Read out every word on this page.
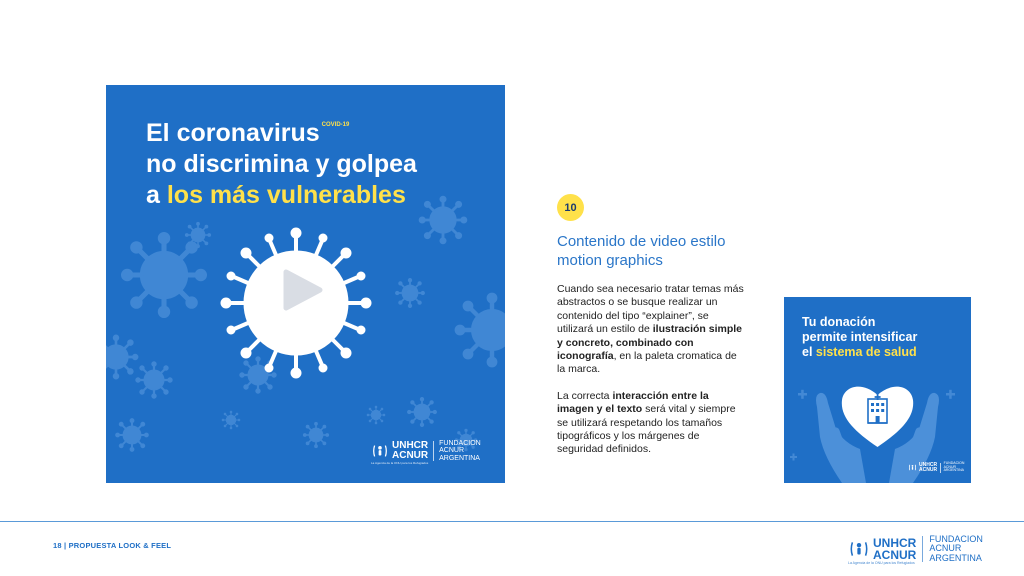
El coronavirus $^{COVID-19}$
no discrimina y golpea
a los más vulnerables
UNHCR
ACNUR
FUNDACION
ACNUR
ARGENTINA
La Agencia de la ONU para los Refugiados
10
Contenido de video estilo motion graphics

Cuando sea necesario tratar temas más abstractos o se busque realizar un contenido del tipo “explainer”, se utilizará un estilo de ilustración simple y concreto, combinado con iconografía, en la paleta cromatica de la marca.

La correcta interacción entre la imagen y el texto será vital y siempre se utilizará respetando los tamaños tipográficos y los márgenes de seguridad definidos.

Tu donación
permite intensificar
el sistema de salud
UNHCR
ACNUR
FUNDACION
ACNUR
ARGENTINA
18 | PROPUESTA LOOK & FEEL	UNHCR
ACNUR
FUNDACION
ACNUR
ARGENTINA
La Agencia de la ONU para los Refugiados
